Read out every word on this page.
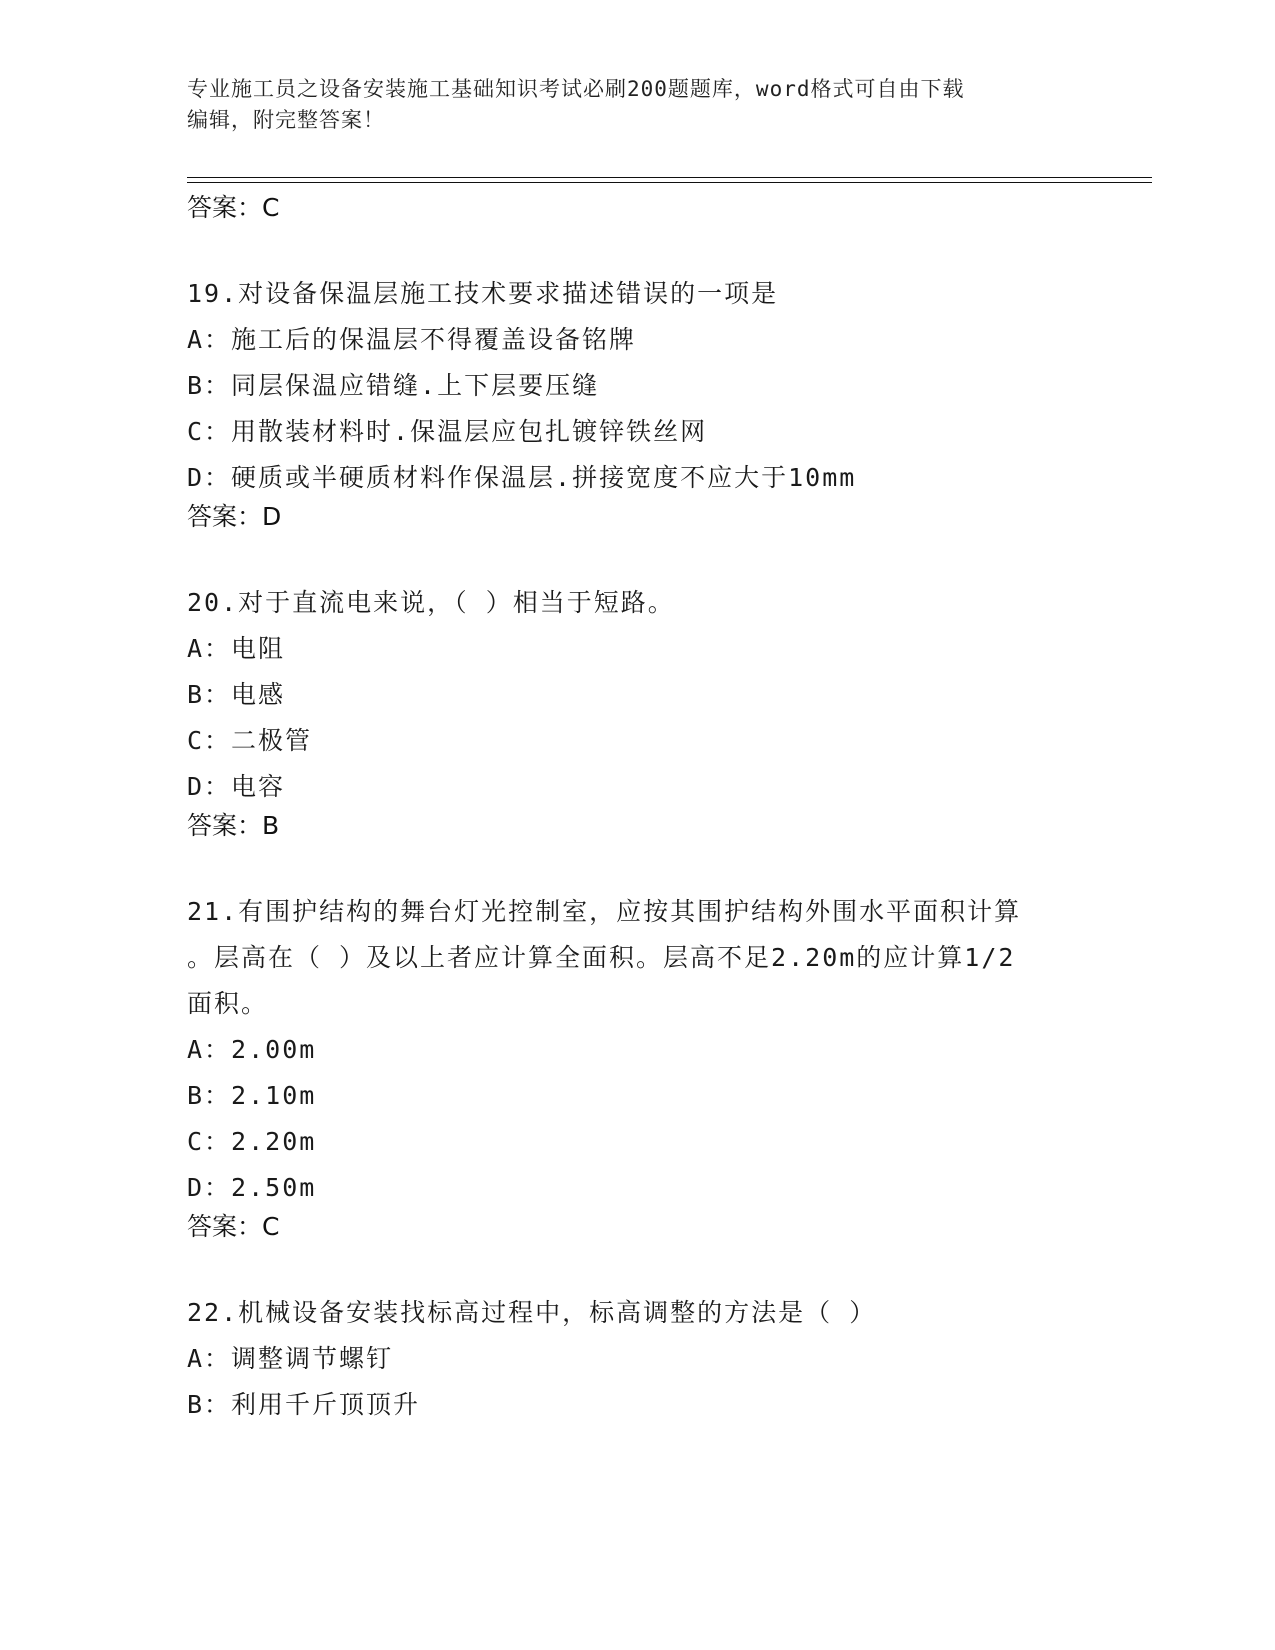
专业施工员之设备安装施工基础知识考试必刷200题题库，word格式可自由下载
编辑，附完整答案！
答案：C
19.对设备保温层施工技术要求描述错误的一项是
A：施工后的保温层不得覆盖设备铭牌
B：同层保温应错缝.上下层要压缝
C：用散装材料时.保温层应包扎镀锌铁丝网
D：硬质或半硬质材料作保温层.拼接宽度不应大于10mm
答案：D
20.对于直流电来说，（ ）相当于短路。
A：电阻
B：电感
C：二极管
D：电容
答案：B
21.有围护结构的舞台灯光控制室，应按其围护结构外围水平面积计算
。层高在（ ）及以上者应计算全面积。层高不足2.20m的应计算1/2
面积。
A：2.00m
B：2.10m
C：2.20m
D：2.50m
答案：C
22.机械设备安装找标高过程中，标高调整的方法是（ ）
A：调整调节螺钉
B：利用千斤顶顶升
